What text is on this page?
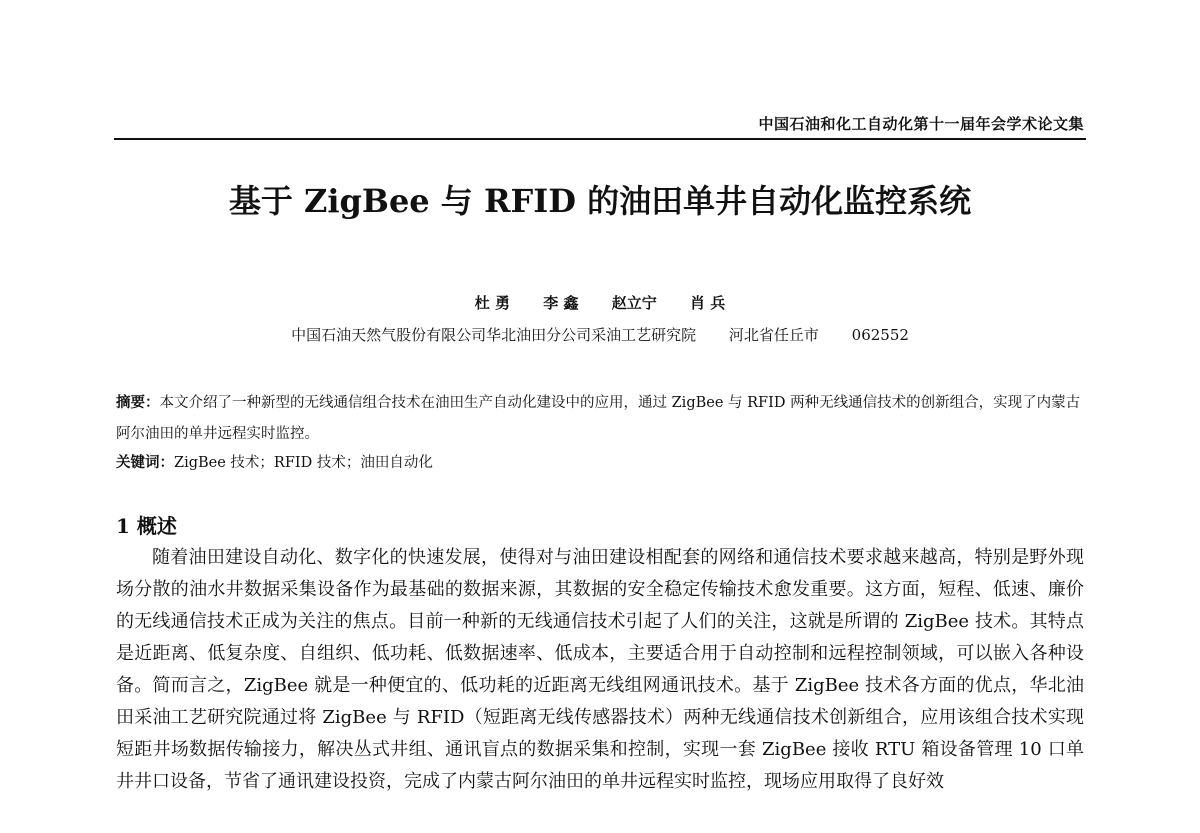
中国石油和化工自动化第十一届年会学术论文集
基于 ZigBee 与 RFID 的油田单井自动化监控系统
杜 勇 李 鑫 赵立宁 肖 兵
中国石油天然气股份有限公司华北油田分公司采油工艺研究院 河北省任丘市 062552
摘要：本文介绍了一种新型的无线通信组合技术在油田生产自动化建设中的应用，通过 ZigBee 与 RFID 两种无线通信技术的创新组合，实现了内蒙古阿尔油田的单井远程实时监控。
关键词：ZigBee 技术；RFID 技术；油田自动化
1 概述
随着油田建设自动化、数字化的快速发展，使得对与油田建设相配套的网络和通信技术要求越来越高，特别是野外现场分散的油水井数据采集设备作为最基础的数据来源，其数据的安全稳定传输技术愈发重要。这方面，短程、低速、廉价的无线通信技术正成为关注的焦点。目前一种新的无线通信技术引起了人们的关注，这就是所谓的 ZigBee 技术。其特点是近距离、低复杂度、自组织、低功耗、低数据速率、低成本，主要适合用于自动控制和远程控制领域，可以嵌入各种设备。简而言之，ZigBee 就是一种便宜的、低功耗的近距离无线组网通讯技术。基于 ZigBee 技术各方面的优点，华北油田采油工艺研究院通过将 ZigBee 与 RFID（短距离无线传感器技术）两种无线通信技术创新组合，应用该组合技术实现短距井场数据传输接力，解决丛式井组、通讯盲点的数据采集和控制，实现一套 ZigBee 接收 RTU 箱设备管理 10 口单井井口设备，节省了通讯建设投资，完成了内蒙古阿尔油田的单井远程实时监控，现场应用取得了良好效
